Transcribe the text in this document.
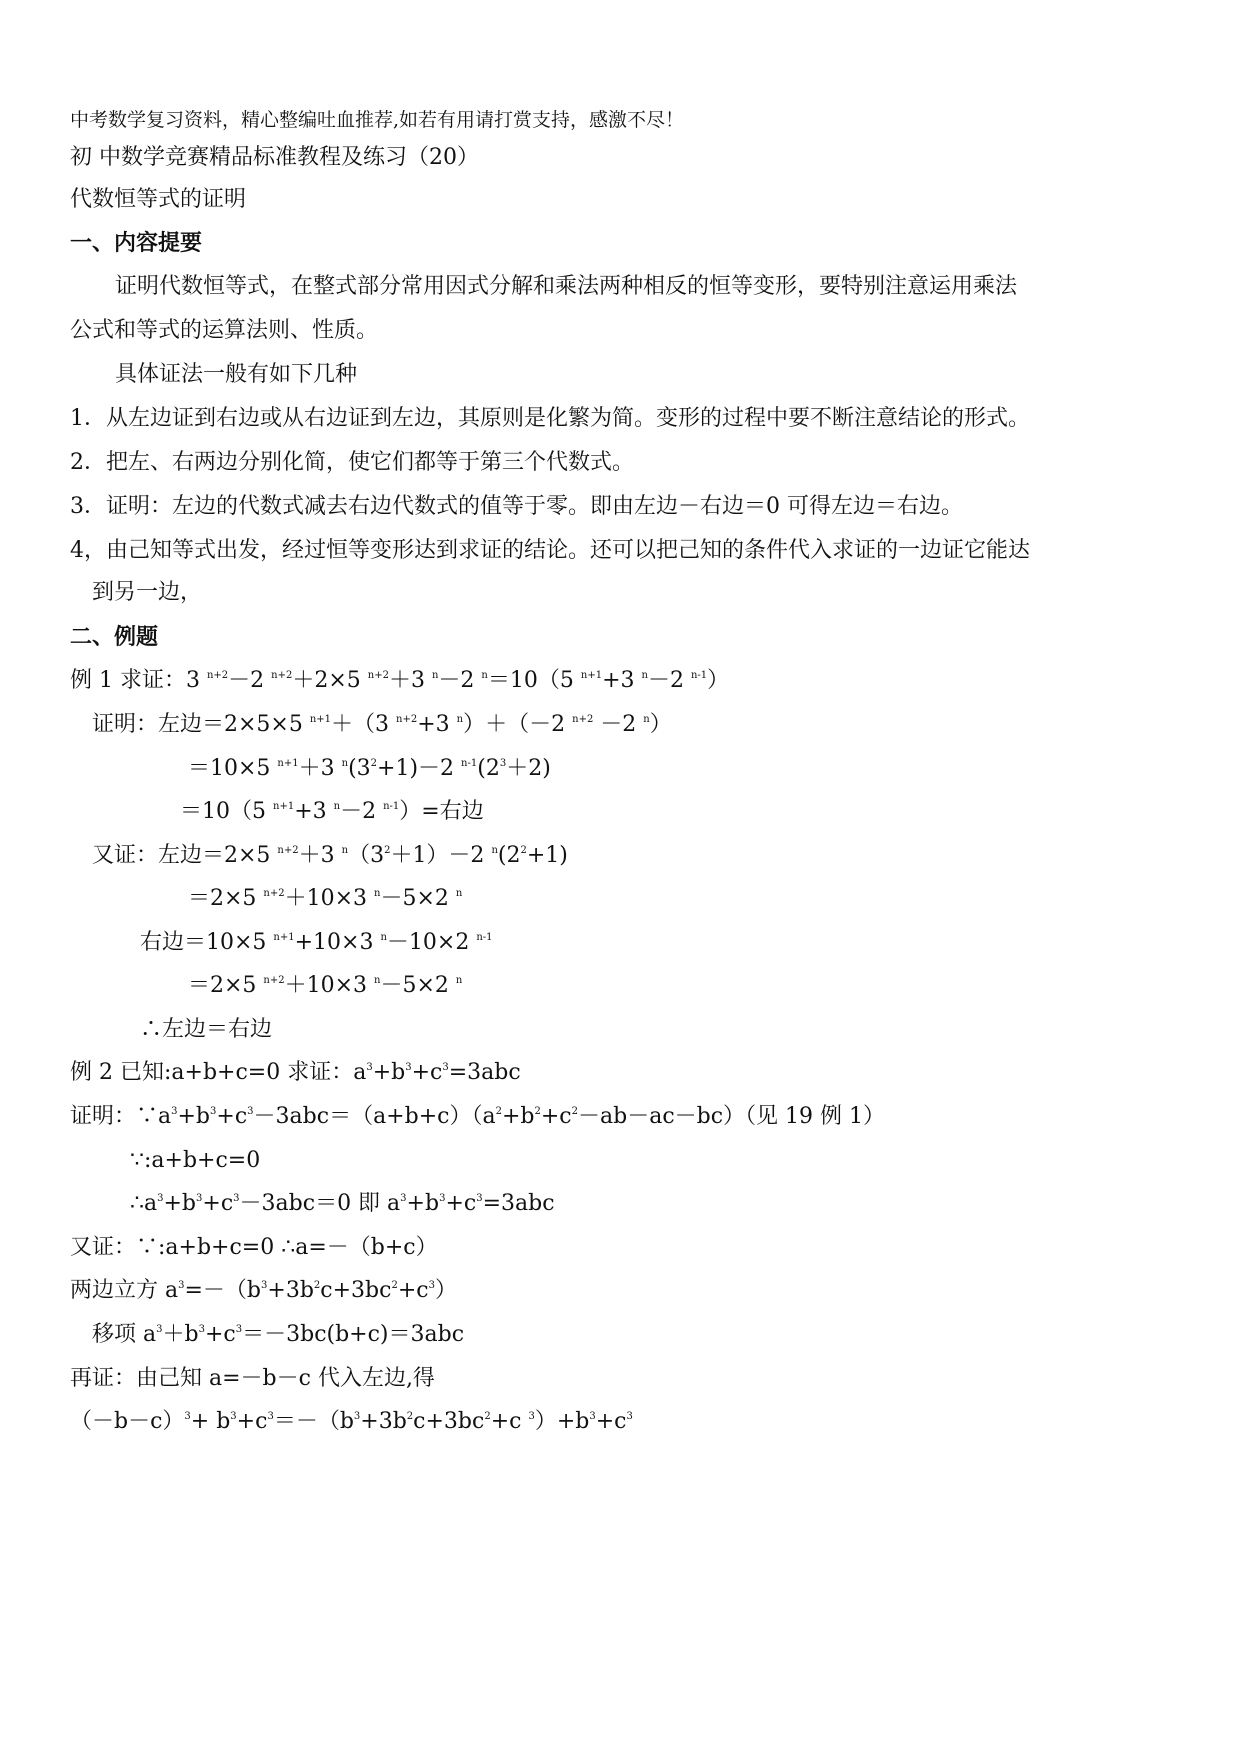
中考数学复习资料，精心整编吐血推荐,如若有用请打赏支持，感激不尽！
初 中数学竞赛精品标准教程及练习（20）
代数恒等式的证明
一、内容提要
证明代数恒等式，在整式部分常用因式分解和乘法两种相反的恒等变形，要特别注意运用乘法
公式和等式的运算法则、性质。
具体证法一般有如下几种
1．从左边证到右边或从右边证到左边，其原则是化繁为简。变形的过程中要不断注意结论的形式。
2．把左、右两边分别化简，使它们都等于第三个代数式。
3．证明：左边的代数式减去右边代数式的值等于零。即由左边－右边＝0 可得左边＝右边。
4，由己知等式出发，经过恒等变形达到求证的结论。还可以把己知的条件代入求证的一边证它能达
到另一边，
二、例题
例 1 求证：3 $^{n+2}$－2 $^{n+2}$＋2×5 $^{n+2}$＋3 $^n$－2 $^n$＝10（5 $^{n+1}$+3 $^n$－2 $^{n-1}$）
证明：左边＝2×5×5 $^{n+1}$＋（3 $^{n+2}$+3 $^n$）＋（－2 $^{n+2}$ －2 $^n$）
＝10×5 $^{n+1}$＋3 $^n(3^2+1)-2$ $^{n-1}(2^3+2)$
＝10（5 $^{n+1}$+3 $^n$－2 $^{n-1}$）=右边
又证：左边＝2×5 $^{n+2}$＋3 $^n(3^2+1)-2$ $^n(2^2+1)$
＝2×5 $^{n+2}$＋10×3 $^n$－5×2 $^n$
右边＝10×5 $^{n+1}$+10×3 $^n$－10×2 $^{n-1}$
＝2×5 $^{n+2}$＋10×3 $^n$－5×2 $^n$
∴左边＝右边
例 2 已知:a+b+c=0 求证：$a^3+b^3+c^3=3abc$
证明：$\because a^3+b^3+c^3-3abc=(a+b+c)(a^2+b^2+c^2-ab-ac-bc)$（见 19 例 1）
∵:a+b+c=0
$\therefore a^3+b^3+c^3-3abc=0$ 即 $a^3+b^3+c^3=3abc$
又证：∵:a+b+c=0 ∴a=－（b+c）
两边立方 $a^3=-(b^3+3b^2c+3bc^2+c^3)$
移项 $a^3+b^3+c^3=-3bc(b+c)=3abc$
再证：由己知 a=－b－c 代入左边,得
$(-b-c)^3+ b^3+c^3=-(b^3+3b^2c+3bc^2+c$ $^3)+b^3+c^3$
